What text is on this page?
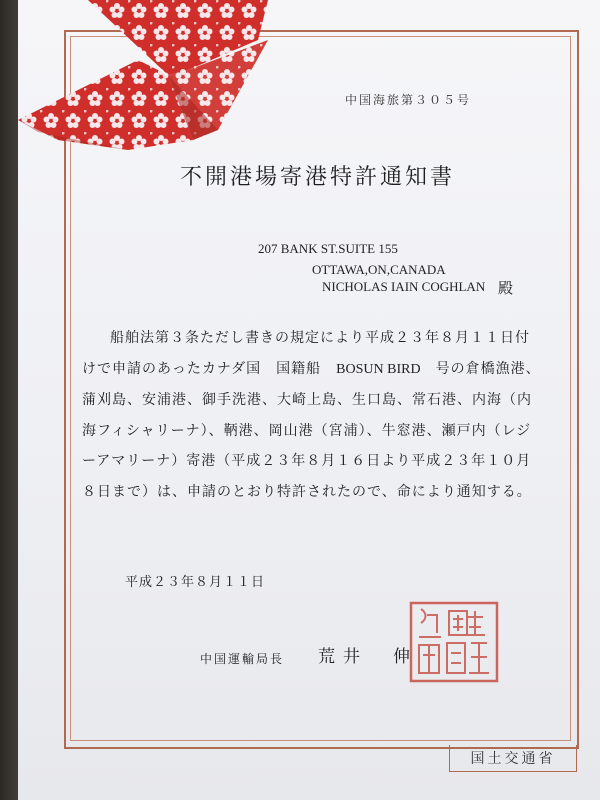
中国海旅第３０５号
不開港場寄港特許通知書
207 BANK ST.SUITE 155
OTTAWA,ON,CANADA
NICHOLAS IAIN COGHLAN 殿
船舶法第３条ただし書きの規定により平成２３年８月１１日付けで申請のあったカナダ国　国籍船　BOSUN BIRD　号の倉橋漁港、蒲刈島、安浦港、御手洗港、大崎上島、生口島、常石港、内海（内海フィシャリーナ）、鞆港、岡山港（宮浦）、牛窓港、瀬戸内（レジーアマリーナ）寄港（平成２３年８月１６日より平成２３年１０月８日まで）は、申請のとおり特許されたので、命により通知する。
平成２３年８月１１日
中国運輸局長 荒井　伸
国土交通省
